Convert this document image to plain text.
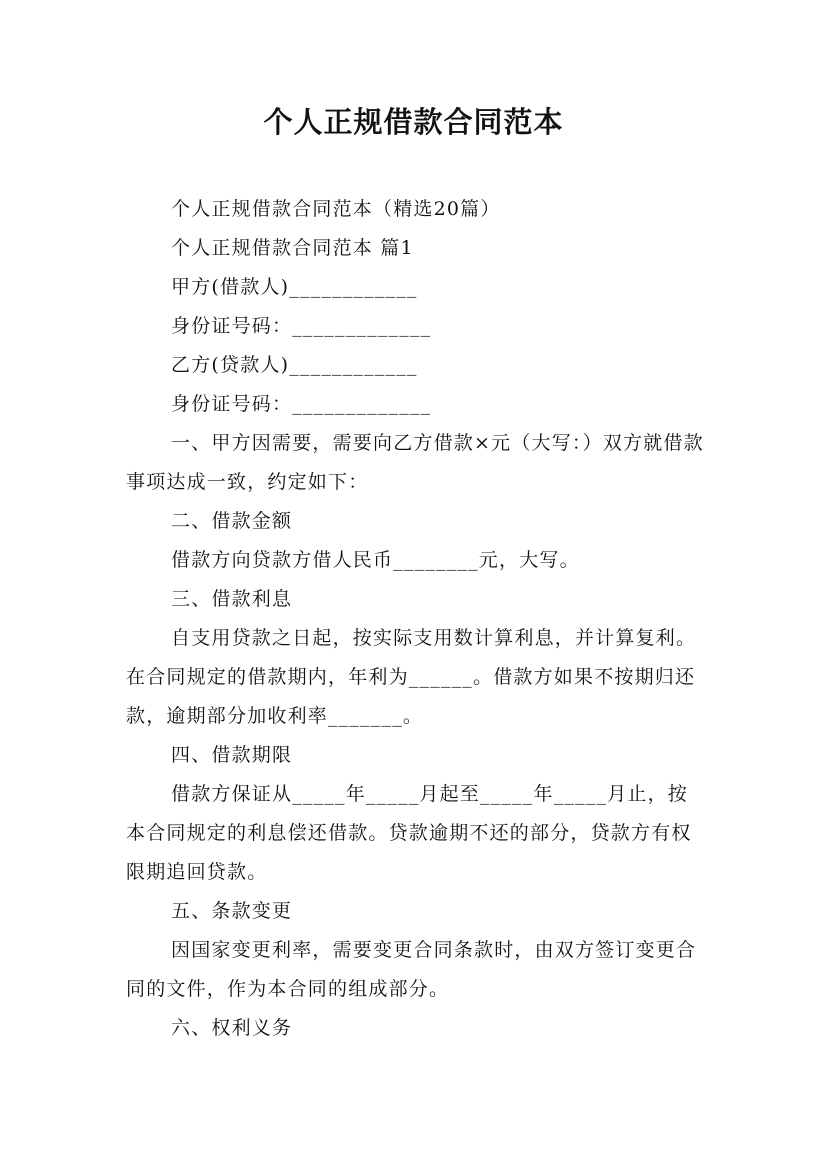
个人正规借款合同范本

个人正规借款合同范本（精选20篇）

个人正规借款合同范本 篇1

甲方(借款人)____________

身份证号码：_____________

乙方(贷款人)____________

身份证号码：_____________

一、甲方因需要，需要向乙方借款×元（大写：）双方就借款事项达成一致，约定如下：

二、借款金额

借款方向贷款方借人民币________元，大写。

三、借款利息

自支用贷款之日起，按实际支用数计算利息，并计算复利。在合同规定的借款期内，年利为______。借款方如果不按期归还款，逾期部分加收利率_______。

四、借款期限

借款方保证从_____年_____月起至_____年_____月止，按本合同规定的利息偿还借款。贷款逾期不还的部分，贷款方有权限期追回贷款。

五、条款变更

因国家变更利率，需要变更合同条款时，由双方签订变更合同的文件，作为本合同的组成部分。

六、权利义务
